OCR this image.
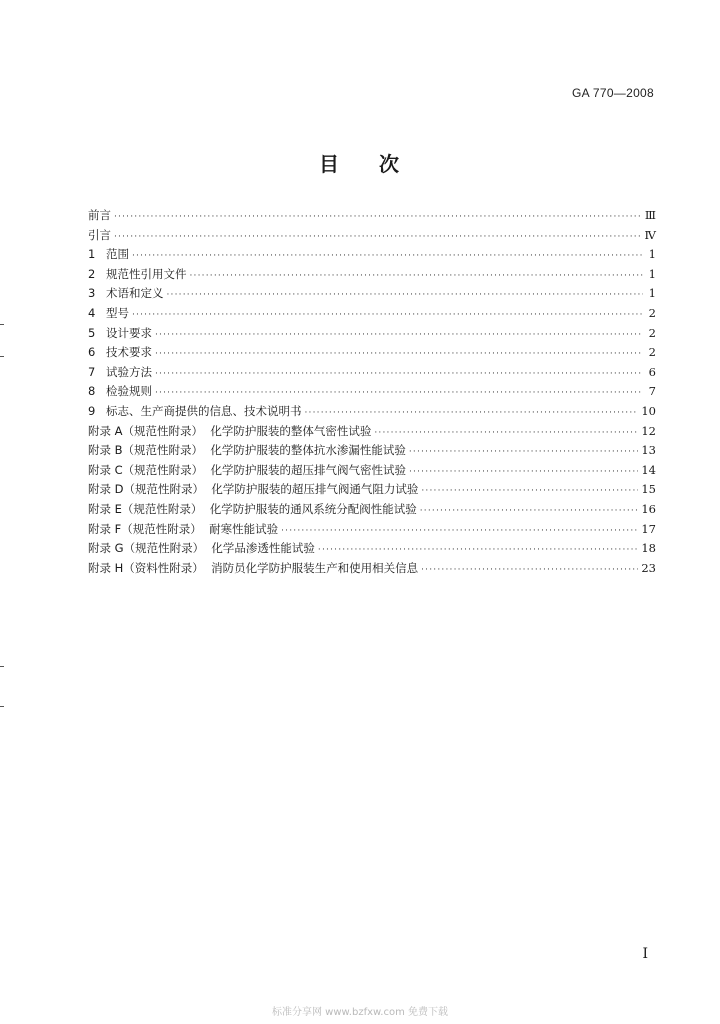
GA 770—2008
目 次
前言 ·····	Ⅲ
引言 ·····	Ⅳ
1 范围 ·····	1
2 规范性引用文件 ·····	1
3 术语和定义 ·····	1
4 型号 ·····	2
5 设计要求 ·····	2
6 技术要求 ·····	2
7 试验方法 ·····	6
8 检验规则 ·····	7
9 标志、生产商提供的信息、技术说明书 ·····	10
附录 A（规范性附录） 化学防护服装的整体气密性试验 ·····	12
附录 B（规范性附录） 化学防护服装的整体抗水渗漏性能试验 ·····	13
附录 C（规范性附录） 化学防护服装的超压排气阀气密性试验 ·····	14
附录 D（规范性附录） 化学防护服装的超压排气阀通气阻力试验 ·····	15
附录 E（规范性附录） 化学防护服装的通风系统分配阀性能试验 ·····	16
附录 F（规范性附录） 耐寒性能试验 ·····	17
附录 G（规范性附录） 化学品渗透性能试验 ·····	18
附录 H（资料性附录） 消防员化学防护服装生产和使用相关信息 ·····	23
I
标准分享网 www.bzfxw.com 免费下载
